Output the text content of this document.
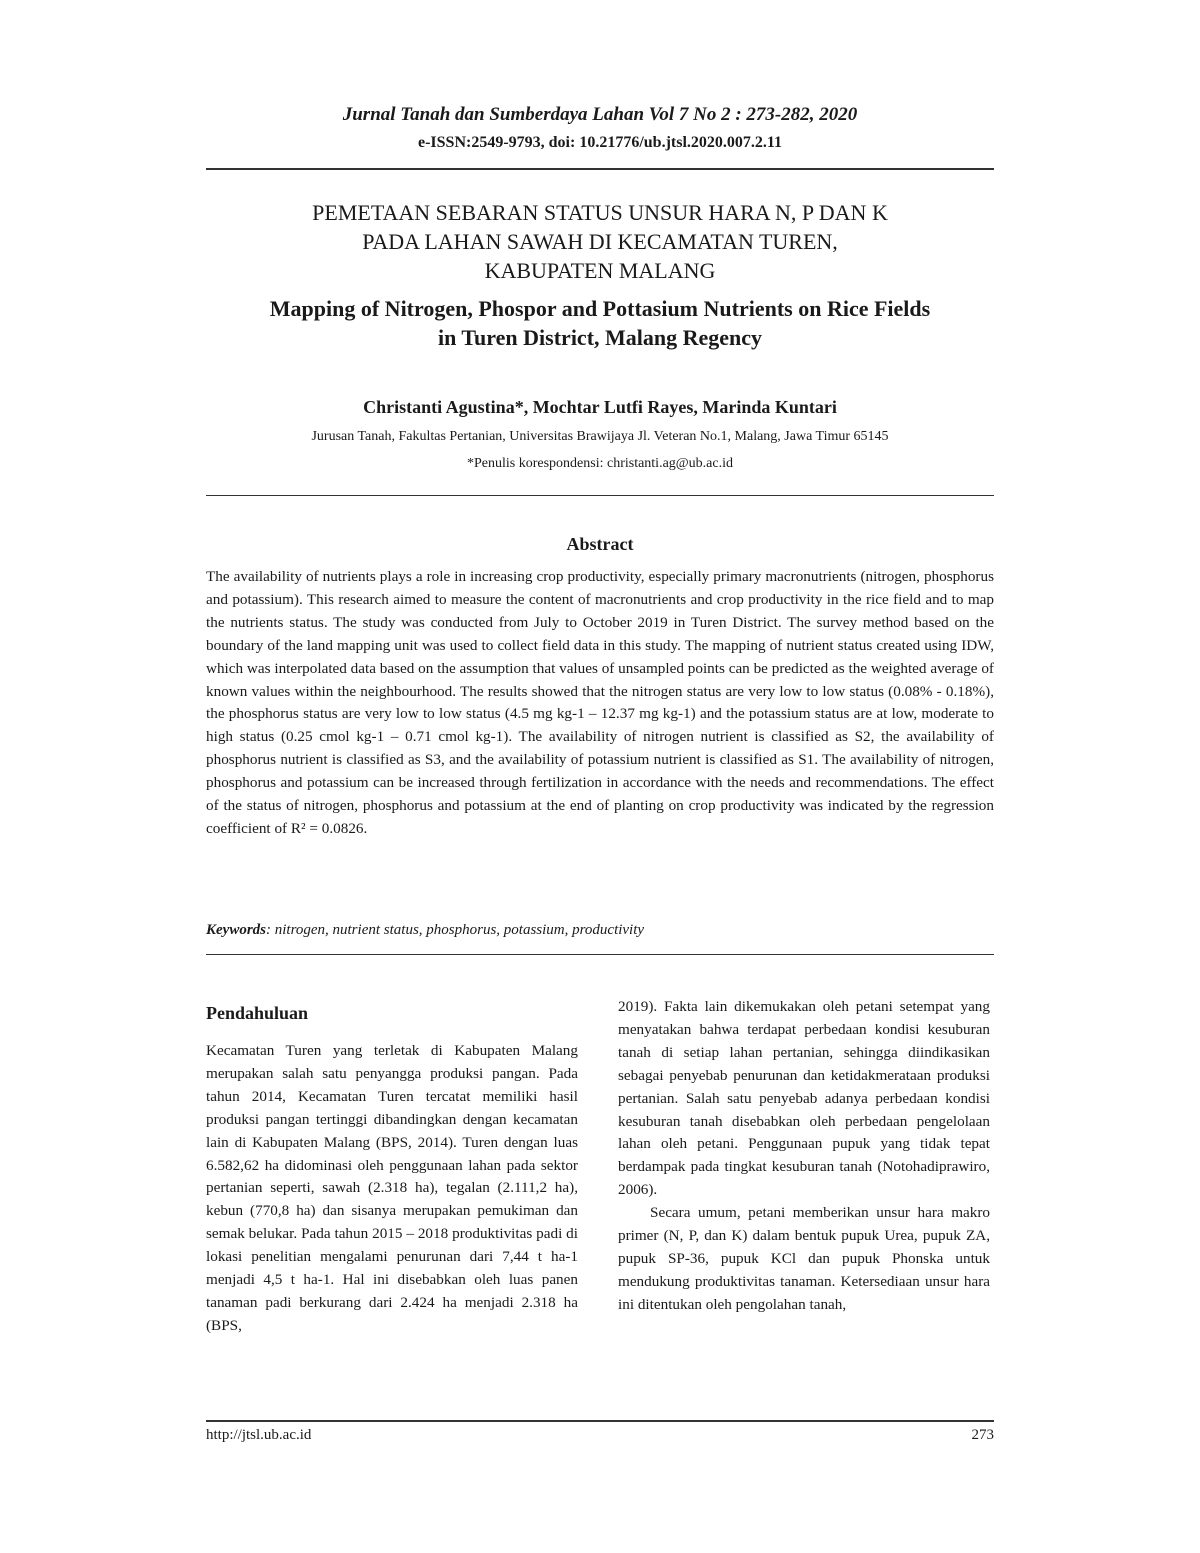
Jurnal Tanah dan Sumberdaya Lahan Vol 7 No 2 : 273-282, 2020
e-ISSN:2549-9793, doi: 10.21776/ub.jtsl.2020.007.2.11
PEMETAAN SEBARAN STATUS UNSUR HARA N, P DAN K
PADA LAHAN SAWAH DI KECAMATAN TUREN,
KABUPATEN MALANG
Mapping of Nitrogen, Phospor and Pottasium Nutrients on Rice Fields
in Turen District, Malang Regency
Christanti Agustina*, Mochtar Lutfi Rayes, Marinda Kuntari
Jurusan Tanah, Fakultas Pertanian, Universitas Brawijaya Jl. Veteran No.1, Malang, Jawa Timur 65145
*Penulis korespondensi: christanti.ag@ub.ac.id
Abstract
The availability of nutrients plays a role in increasing crop productivity, especially primary macronutrients (nitrogen, phosphorus and potassium). This research aimed to measure the content of macronutrients and crop productivity in the rice field and to map the nutrients status. The study was conducted from July to October 2019 in Turen District. The survey method based on the boundary of the land mapping unit was used to collect field data in this study. The mapping of nutrient status created using IDW, which was interpolated data based on the assumption that values of unsampled points can be predicted as the weighted average of known values within the neighbourhood. The results showed that the nitrogen status are very low to low status (0.08% - 0.18%), the phosphorus status are very low to low status (4.5 mg kg-1 – 12.37 mg kg-1) and the potassium status are at low, moderate to high status (0.25 cmol kg-1 – 0.71 cmol kg-1). The availability of nitrogen nutrient is classified as S2, the availability of phosphorus nutrient is classified as S3, and the availability of potassium nutrient is classified as S1. The availability of nitrogen, phosphorus and potassium can be increased through fertilization in accordance with the needs and recommendations. The effect of the status of nitrogen, phosphorus and potassium at the end of planting on crop productivity was indicated by the regression coefficient of R² = 0.0826.
Keywords: nitrogen, nutrient status, phosphorus, potassium, productivity
Pendahuluan

Kecamatan Turen yang terletak di Kabupaten Malang merupakan salah satu penyangga produksi pangan. Pada tahun 2014, Kecamatan Turen tercatat memiliki hasil produksi pangan tertinggi dibandingkan dengan kecamatan lain di Kabupaten Malang (BPS, 2014). Turen dengan luas 6.582,62 ha didominasi oleh penggunaan lahan pada sektor pertanian seperti, sawah (2.318 ha), tegalan (2.111,2 ha), kebun (770,8 ha) dan sisanya merupakan pemukiman dan semak belukar. Pada tahun 2015 – 2018 produktivitas padi di lokasi penelitian mengalami penurunan dari 7,44 t ha-1 menjadi 4,5 t ha-1. Hal ini disebabkan oleh luas panen tanaman padi berkurang dari 2.424 ha menjadi 2.318 ha (BPS,

2019). Fakta lain dikemukakan oleh petani setempat yang menyatakan bahwa terdapat perbedaan kondisi kesuburan tanah di setiap lahan pertanian, sehingga diindikasikan sebagai penyebab penurunan dan ketidakmerataan produksi pertanian. Salah satu penyebab adanya perbedaan kondisi kesuburan tanah disebabkan oleh perbedaan pengelolaan lahan oleh petani. Penggunaan pupuk yang tidak tepat berdampak pada tingkat kesuburan tanah (Notohadiprawiro, 2006).

Secara umum, petani memberikan unsur hara makro primer (N, P, dan K) dalam bentuk pupuk Urea, pupuk ZA, pupuk SP-36, pupuk KCl dan pupuk Phonska untuk mendukung produktivitas tanaman. Ketersediaan unsur hara ini ditentukan oleh pengolahan tanah,

http://jtsl.ub.ac.id	273
